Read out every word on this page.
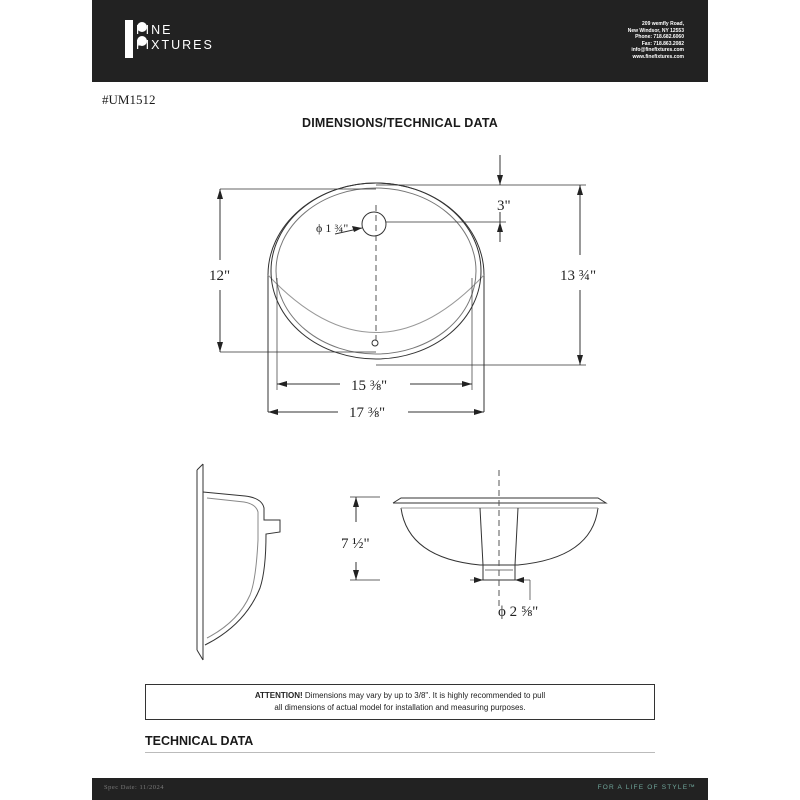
FINE
FIXTURES
209 wemfly Road,
New Windsor, NY 12553
Phone: 718.682.6060
Fax: 718.863.2082
info@finefixtures.com
www.finefixtures.com
#UM1512
DIMENSIONS/TECHNICAL DATA
ϕ 1 ¾"
3"
12"	13 ¾"
15 ⅜"
17 ⅜"
7 ½"
ϕ 2 ⅝"
ATTENTION! Dimensions may vary by up to 3/8". It is highly recommended to pull
all dimensions of actual model for installation and measuring purposes.
TECHNICAL DATA
Spec Date: 11/2024	FOR A LIFE OF STYLE™
